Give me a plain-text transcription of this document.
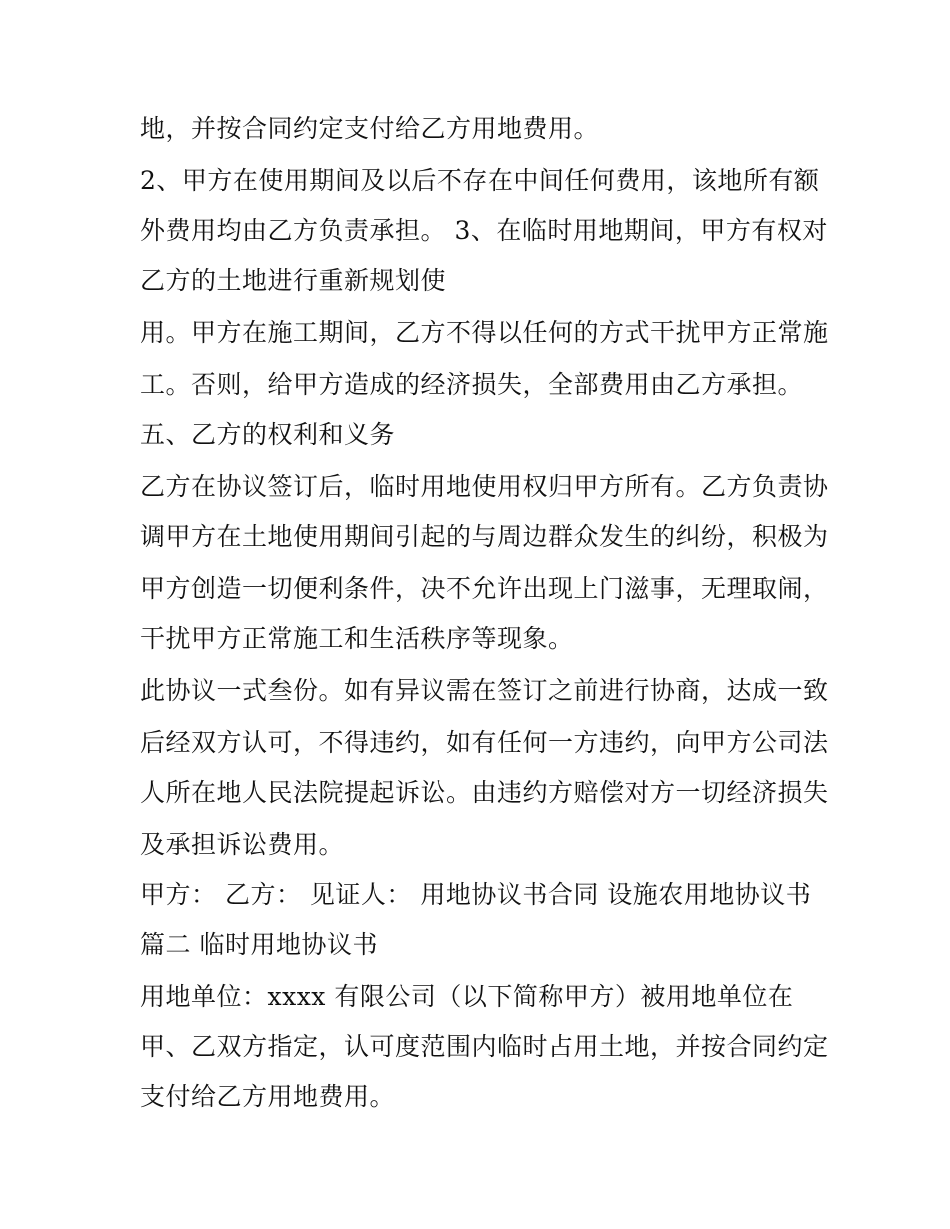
地，并按合同约定支付给乙方用地费用。

2、甲方在使用期间及以后不存在中间任何费用，该地所有额

外费用均由乙方负责承担。 3、在临时用地期间，甲方有权对

乙方的土地进行重新规划使

用。甲方在施工期间，乙方不得以任何的方式干扰甲方正常施

工。否则，给甲方造成的经济损失，全部费用由乙方承担。

五、乙方的权利和义务

乙方在协议签订后，临时用地使用权归甲方所有。乙方负责协

调甲方在土地使用期间引起的与周边群众发生的纠纷，积极为

甲方创造一切便利条件，决不允许出现上门滋事，无理取闹，

干扰甲方正常施工和生活秩序等现象。

此协议一式叁份。如有异议需在签订之前进行协商，达成一致

后经双方认可，不得违约，如有任何一方违约，向甲方公司法

人所在地人民法院提起诉讼。由违约方赔偿对方一切经济损失

及承担诉讼费用。

甲方： 乙方： 见证人： 用地协议书合同 设施农用地协议书

篇二 临时用地协议书

用地单位：xxxx 有限公司（以下简称甲方）被用地单位在

甲、乙双方指定，认可度范围内临时占用土地，并按合同约定

支付给乙方用地费用。
